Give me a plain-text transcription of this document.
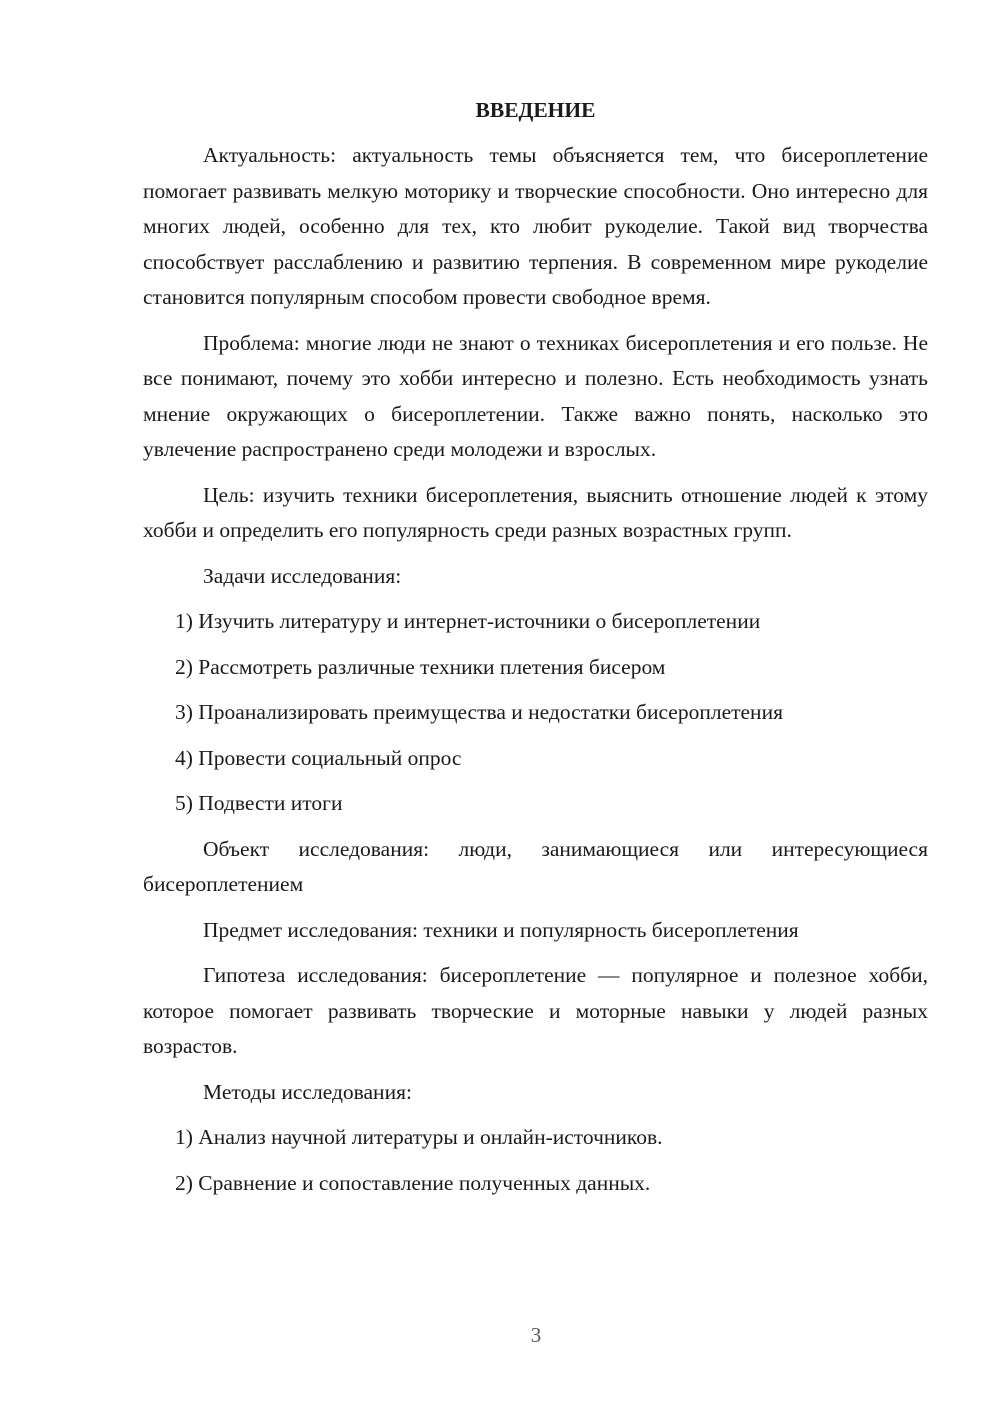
ВВЕДЕНИЕ

Актуальность: актуальность темы объясняется тем, что бисероплетение помогает развивать мелкую моторику и творческие способности. Оно интересно для многих людей, особенно для тех, кто любит рукоделие. Такой вид творчества способствует расслаблению и развитию терпения. В современном мире рукоделие становится популярным способом провести свободное время.

Проблема: многие люди не знают о техниках бисероплетения и его пользе. Не все понимают, почему это хобби интересно и полезно. Есть необходимость узнать мнение окружающих о бисероплетении. Также важно понять, насколько это увлечение распространено среди молодежи и взрослых.

Цель: изучить техники бисероплетения, выяснить отношение людей к этому хобби и определить его популярность среди разных возрастных групп.

Задачи исследования:

1) Изучить литературу и интернет-источники о бисероплетении

2) Рассмотреть различные техники плетения бисером

3) Проанализировать преимущества и недостатки бисероплетения

4) Провести социальный опрос

5) Подвести итоги

Объект исследования: люди, занимающиеся или интересующиеся бисероплетением

Предмет исследования: техники и популярность бисероплетения

Гипотеза исследования: бисероплетение — популярное и полезное хобби, которое помогает развивать творческие и моторные навыки у людей разных возрастов.

Методы исследования:

1) Анализ научной литературы и онлайн-источников.

2) Сравнение и сопоставление полученных данных.

3
